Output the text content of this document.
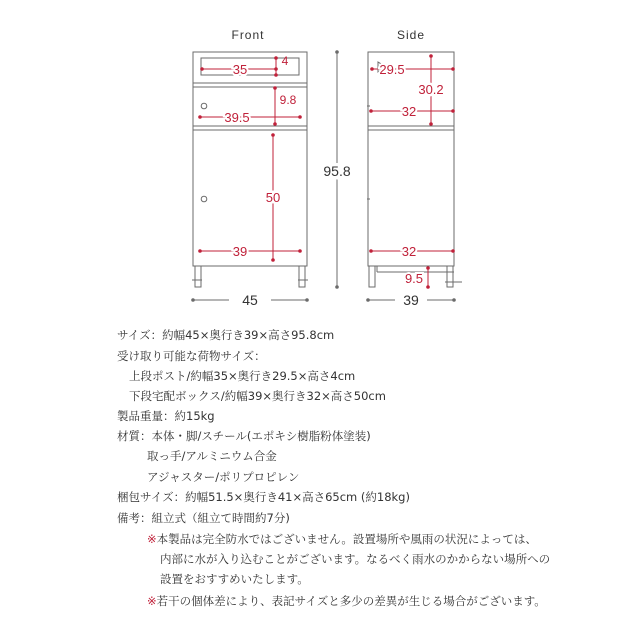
Front	Side
35
4
39.5
9.8
50
39
95.8
45
29.5
30.2
32
32
9.5
39
サイズ：約幅45×奥行き39×高さ95.8cm
受け取り可能な荷物サイズ：
上段ポスト/約幅35×奥行き29.5×高さ4cm
下段宅配ボックス/約幅39×奥行き32×高さ50cm
製品重量：約15kg
材質：本体・脚/スチール(エポキシ樹脂粉体塗装)
取っ手/アルミニウム合金
アジャスター/ポリプロピレン
梱包サイズ：約幅51.5×奥行き41×高さ65cm (約18kg)
備考：組立式（組立て時間約7分)
※本製品は完全防水ではございません。設置場所や風雨の状況によっては、
内部に水が入り込むことがございます。なるべく雨水のかからない場所への
設置をおすすめいたします。
※若干の個体差により、表記サイズと多少の差異が生じる場合がございます。
